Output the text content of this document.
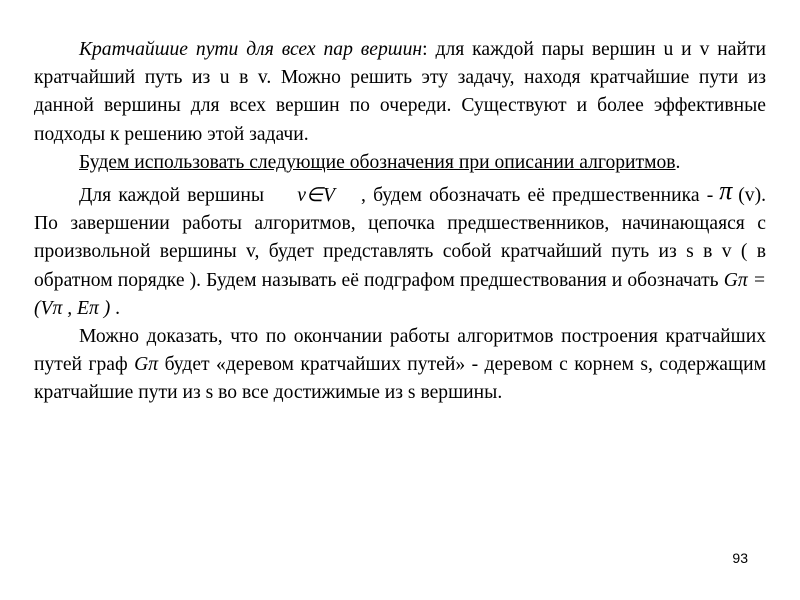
Кратчайшие пути для всех пар вершин: для каждой пары вершин u и v найти кратчайший путь из u в v. Можно решить эту задачу, находя кратчайшие пути из данной вершины для всех вершин по очереди. Существуют и более эффективные подходы к решению этой задачи.

Будем использовать следующие обозначения при описании алгоритмов.

Для каждой вершины v∈V , будем обозначать её предшественника - π (v). По завершении работы алгоритмов, цепочка предшественников, начинающаяся с произвольной вершины v, будет представлять собой кратчайший путь из s в v ( в обратном порядке ). Будем называть её подграфом предшествования и обозначать Gπ = (Vπ , Eπ ) .

Можно доказать, что по окончании работы алгоритмов построения кратчайших путей граф Gπ будет «деревом кратчайших путей» - деревом с корнем s, содержащим кратчайшие пути из s во все достижимые из s вершины.

93
